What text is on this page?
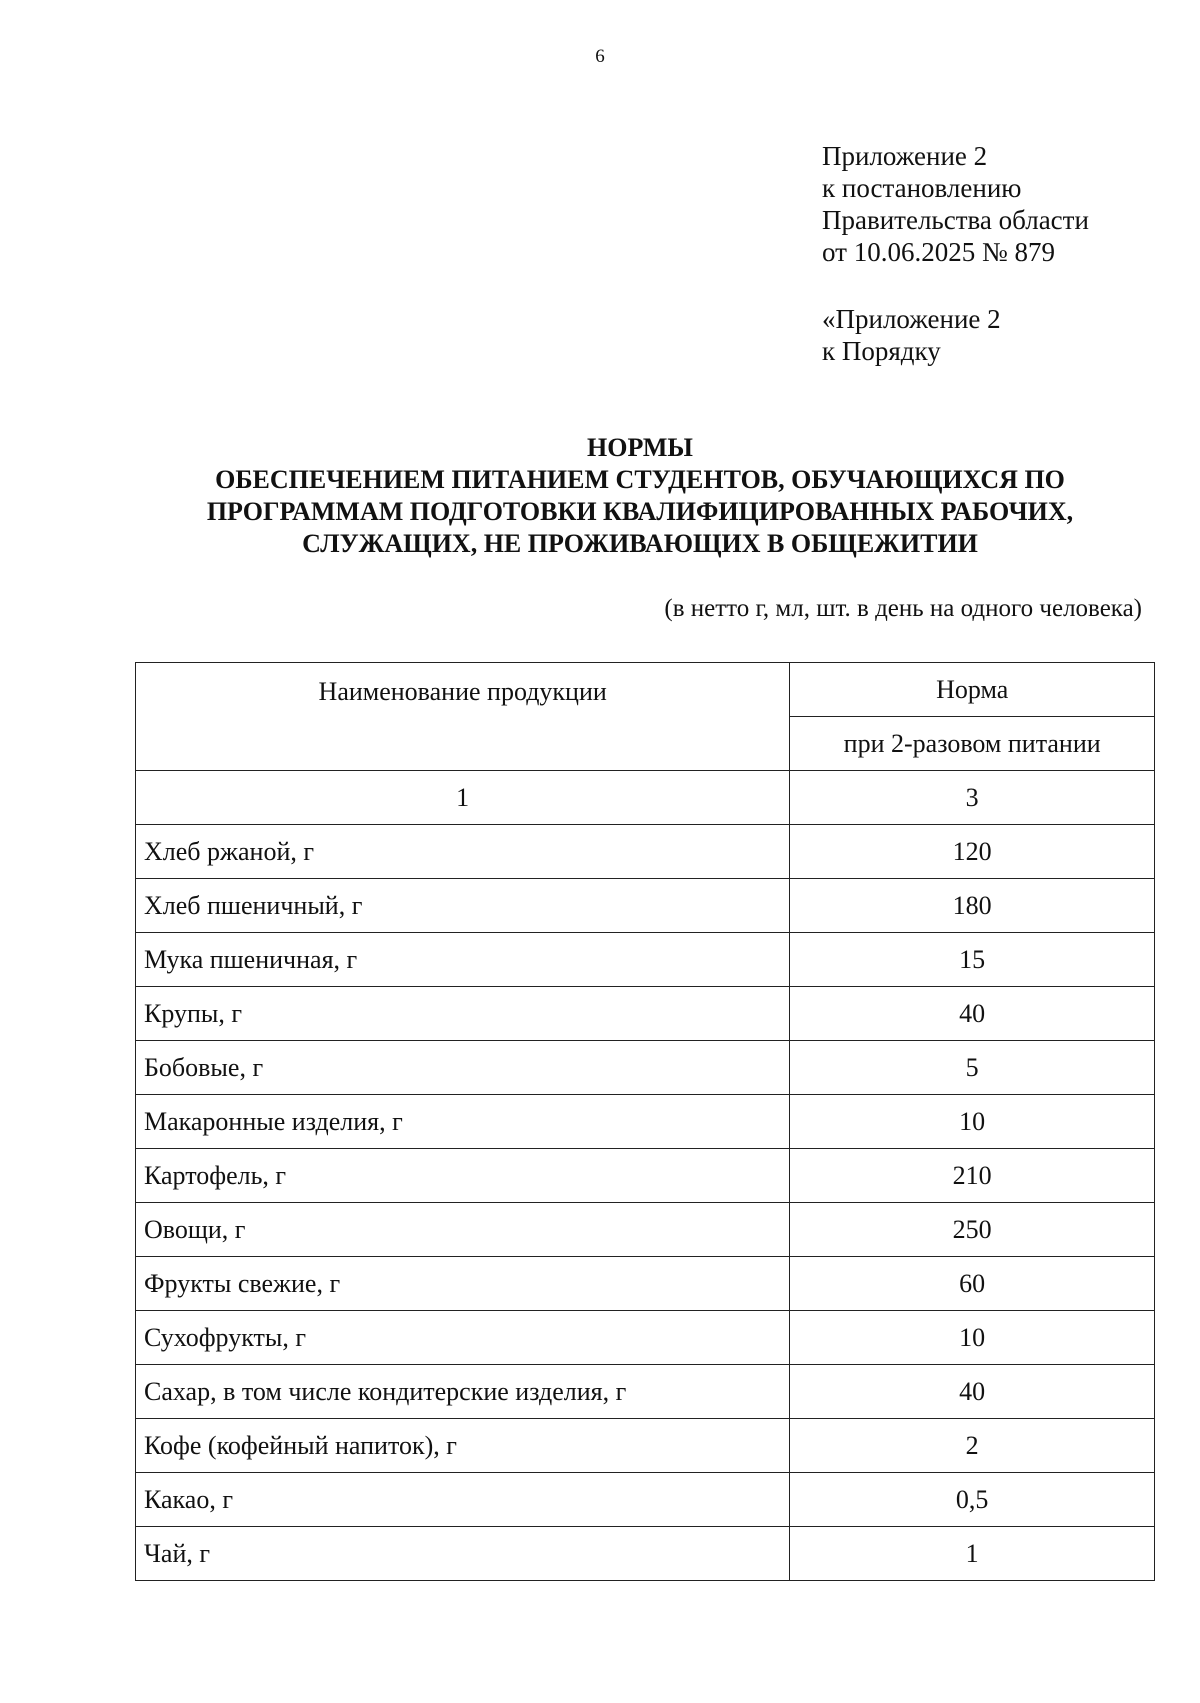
6
Приложение 2
к постановлению
Правительства области
от 10.06.2025 № 879
«Приложение 2
к Порядку
НОРМЫ
ОБЕСПЕЧЕНИЕМ ПИТАНИЕМ СТУДЕНТОВ, ОБУЧАЮЩИХСЯ ПО
ПРОГРАММАМ ПОДГОТОВКИ КВАЛИФИЦИРОВАННЫХ РАБОЧИХ,
СЛУЖАЩИХ, НЕ ПРОЖИВАЮЩИХ В ОБЩЕЖИТИИ
(в нетто г, мл, шт. в день на одного человека)
Наименование продукции	Норма
	при 2-разовом питании
1	3
Хлеб ржаной, г	120
Хлеб пшеничный, г	180
Мука пшеничная, г	15
Крупы, г	40
Бобовые, г	5
Макаронные изделия, г	10
Картофель, г	210
Овощи, г	250
Фрукты свежие, г	60
Сухофрукты, г	10
Сахар, в том числе кондитерские изделия, г	40
Кофе (кофейный напиток), г	2
Какао, г	0,5
Чай, г	1
